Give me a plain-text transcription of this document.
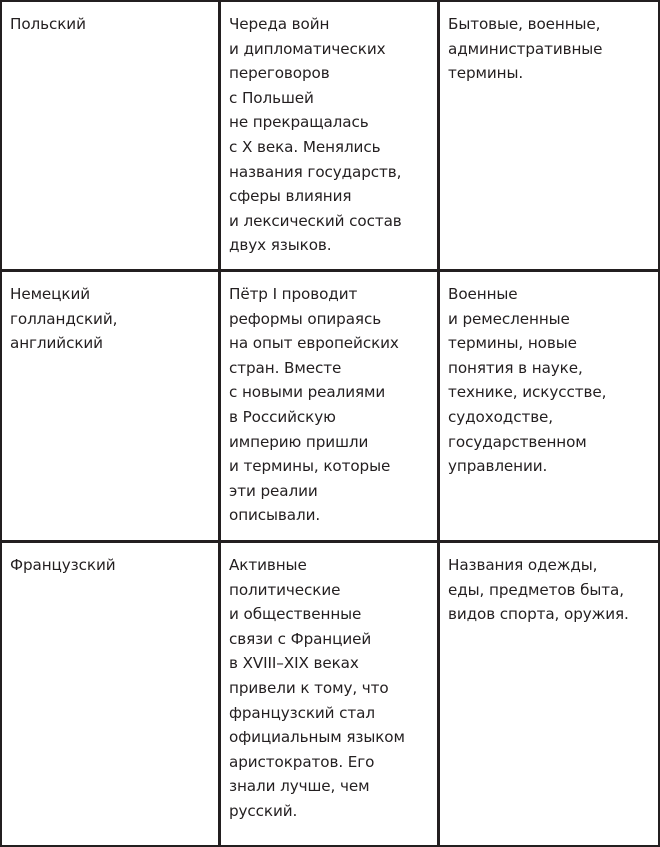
Польский	Череда войн
и дипломатических
переговоров
с Польшей
не прекращалась
с X века. Менялись
названия государств,
сферы влияния
и лексический состав
двух языков.
Бытовые, военные,
административные
термины.
Немецкий
голландский,
английский
Пётр I проводит
реформы опираясь
на опыт европейских
стран. Вместе
с новыми реалиями
в Российскую
империю пришли
и термины, которые
эти реалии
описывали.
Военные
и ремесленные
термины, новые
понятия в науке,
технике, искусстве,
судоходстве,
государственном
управлении.
Французский	Активные
политические
и общественные
связи с Францией
в XVIII–XIX веках
привели к тому, что
французский стал
официальным языком
аристократов. Его
знали лучше, чем
русский.
Названия одежды,
еды, предметов быта,
видов спорта, оружия.
